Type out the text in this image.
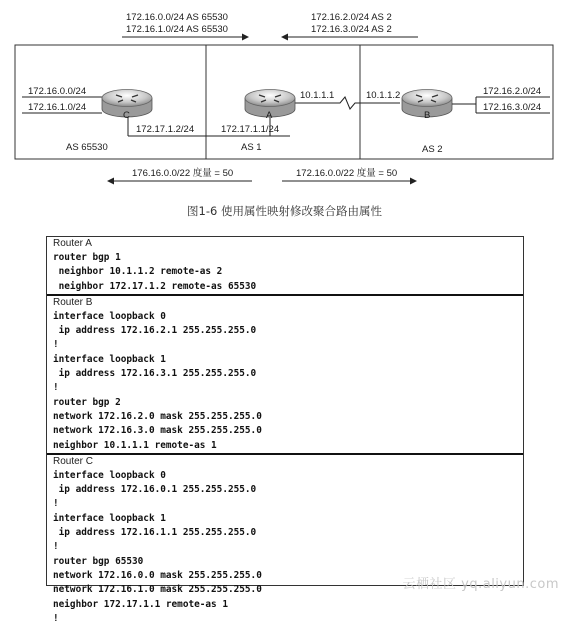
172.16.0.0/24 AS 65530
172.16.1.0/24 AS 65530
172.16.2.0/24 AS 2
172.16.3.0/24 AS 2
176.16.0.0/22 度量 = 50	172.16.0.0/22 度量 = 50
172.16.0.0/24
172.16.1.0/24
172.17.1.2/24	172.17.1.1/24
AS 65530	AS 1
10.1.1.1	10.1.1.2	172.16.2.0/24
172.16.3.0/24
AS 2
C	A	B
图1-6 使用属性映射修改聚合路由属性
Router A
router bgp 1
neighbor 10.1.1.2 remote-as 2
neighbor 172.17.1.2 remote-as 65530
Router B
interface loopback 0
ip address 172.16.2.1 255.255.255.0
!
interface loopback 1
ip address 172.16.3.1 255.255.255.0
!
router bgp 2
network 172.16.2.0 mask 255.255.255.0
network 172.16.3.0 mask 255.255.255.0
neighbor 10.1.1.1 remote-as 1
Router C
interface loopback 0
ip address 172.16.0.1 255.255.255.0
!
interface loopback 1
ip address 172.16.1.1 255.255.255.0
!
router bgp 65530
network 172.16.0.0 mask 255.255.255.0
network 172.16.1.0 mask 255.255.255.0
neighbor 172.17.1.1 remote-as 1
!
云栖社区 yq.aliyun.com
